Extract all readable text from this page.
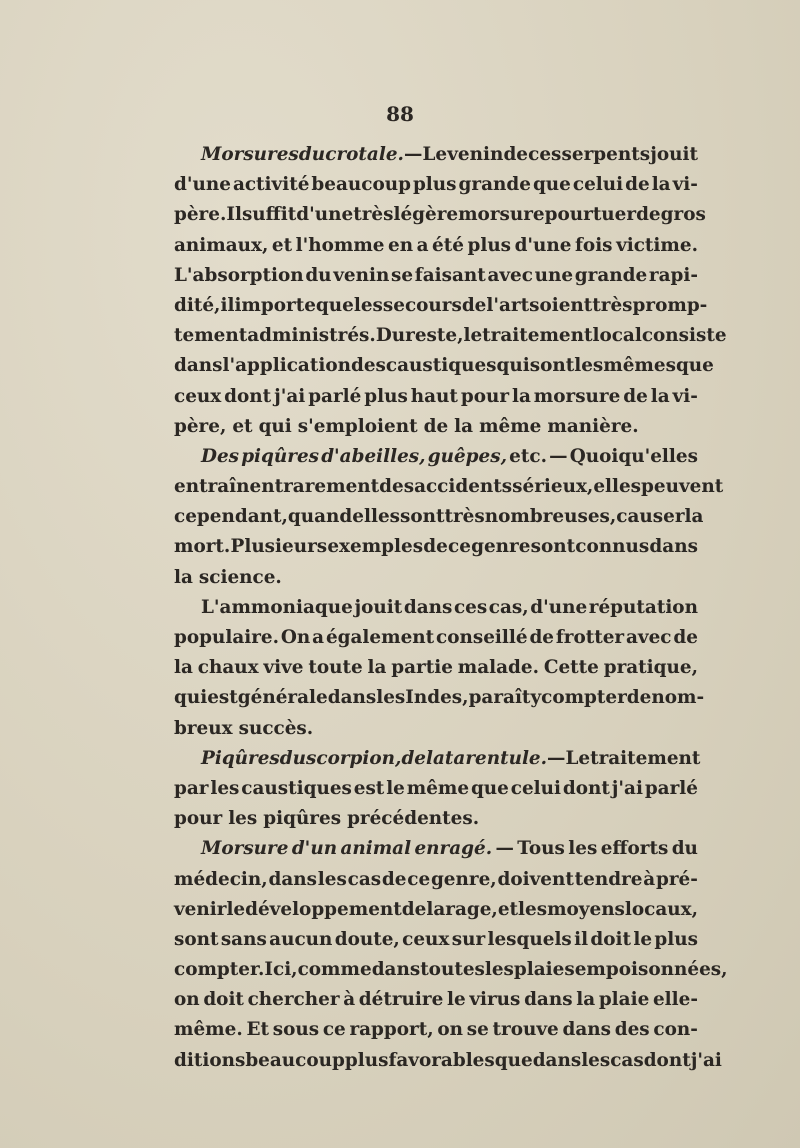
88
Morsures du crotale. —Le venin de ces serpents jouit
d'une activité beaucoup plus grande que celui de la vi-
père. Il suffit d'une très légère morsure pour tuer de gros
animaux, et l'homme en a été plus d'une fois victime.
L'absorption du venin se faisant avec une grande rapi-
dité, il importe que les secours de l'art soient très promp-
tement administrés. Du reste, le traitement local consiste
dans l'application des caustiques qui sont les mêmes que
ceux dont j'ai parlé plus haut pour la morsure de la vi-
père, et qui s'emploient de la même manière.
Des piqûres d'abeilles, guêpes, etc. — Quoiqu'elles
entraînent rarement des accidents sérieux, elles peuvent
cependant, quand elles sont très nombreuses, causer la
mort. Plusieurs exemples de ce genre sont connus dans
la science.
L'ammoniaque jouit dans ces cas, d'une réputation
populaire. On a également conseillé de frotter avec de
la chaux vive toute la partie malade. Cette pratique,
qui est générale dans les Indes, paraît y compter de nom-
breux succès.
Piqûres du scorpion, de la tarentule. — Le traitement
par les caustiques est le même que celui dont j'ai parlé
pour les piqûres précédentes.
Morsure d'un animal enragé. — Tous les efforts du
médecin, dans les cas de ce genre, doivent tendre à pré-
venir le développement de la rage, et les moyens locaux,
sont sans aucun doute, ceux sur lesquels il doit le plus
compter. Ici, comme dans toutes les plaies empoisonnées,
on doit chercher à détruire le virus dans la plaie elle-
même. Et sous ce rapport, on se trouve dans des con-
ditions beaucoup plus favorables que dans les cas dont j'ai
